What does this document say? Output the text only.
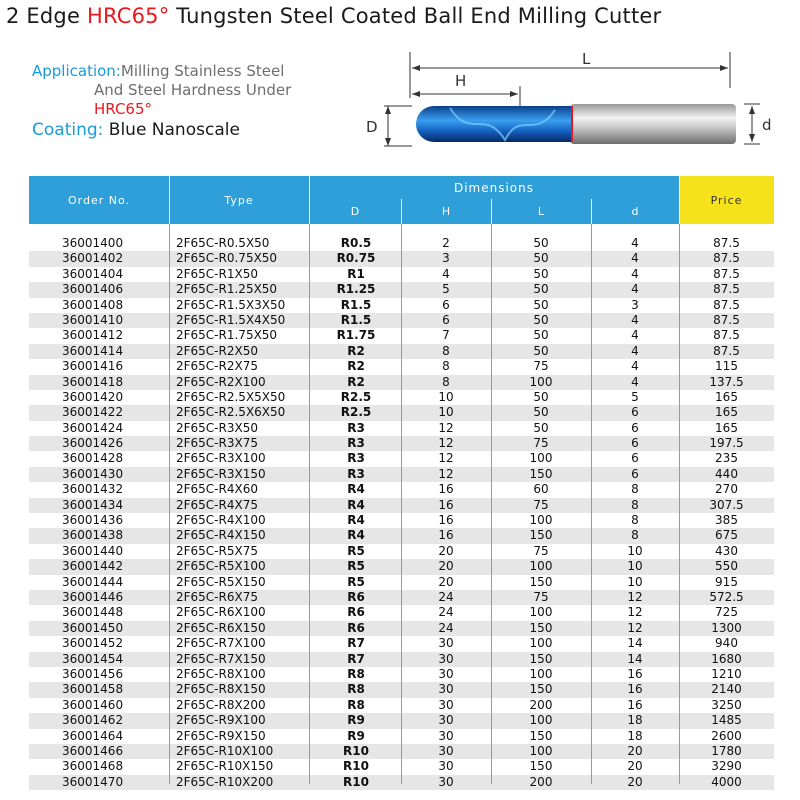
2 Edge HRC65° Tungsten Steel Coated Ball End Milling Cutter
Application:Milling Stainless Steel
And Steel Hardness Under
HRC65°
Coating: Blue Nanoscale
L
H
D	d
Order No.	Type
Dimensions
D	H	L	d
Price
36001400	2F65C-R0.5X50	R0.5	2	50	4	87.5
36001402	2F65C-R0.75X50	R0.75	3	50	4	87.5
36001404	2F65C-R1X50	R1	4	50	4	87.5
36001406	2F65C-R1.25X50	R1.25	5	50	4	87.5
36001408	2F65C-R1.5X3X50	R1.5	6	50	3	87.5
36001410	2F65C-R1.5X4X50	R1.5	6	50	4	87.5
36001412	2F65C-R1.75X50	R1.75	7	50	4	87.5
36001414	2F65C-R2X50	R2	8	50	4	87.5
36001416	2F65C-R2X75	R2	8	75	4	115
36001418	2F65C-R2X100	R2	8	100	4	137.5
36001420	2F65C-R2.5X5X50	R2.5	10	50	5	165
36001422	2F65C-R2.5X6X50	R2.5	10	50	6	165
36001424	2F65C-R3X50	R3	12	50	6	165
36001426	2F65C-R3X75	R3	12	75	6	197.5
36001428	2F65C-R3X100	R3	12	100	6	235
36001430	2F65C-R3X150	R3	12	150	6	440
36001432	2F65C-R4X60	R4	16	60	8	270
36001434	2F65C-R4X75	R4	16	75	8	307.5
36001436	2F65C-R4X100	R4	16	100	8	385
36001438	2F65C-R4X150	R4	16	150	8	675
36001440	2F65C-R5X75	R5	20	75	10	430
36001442	2F65C-R5X100	R5	20	100	10	550
36001444	2F65C-R5X150	R5	20	150	10	915
36001446	2F65C-R6X75	R6	24	75	12	572.5
36001448	2F65C-R6X100	R6	24	100	12	725
36001450	2F65C-R6X150	R6	24	150	12	1300
36001452	2F65C-R7X100	R7	30	100	14	940
36001454	2F65C-R7X150	R7	30	150	14	1680
36001456	2F65C-R8X100	R8	30	100	16	1210
36001458	2F65C-R8X150	R8	30	150	16	2140
36001460	2F65C-R8X200	R8	30	200	16	3250
36001462	2F65C-R9X100	R9	30	100	18	1485
36001464	2F65C-R9X150	R9	30	150	18	2600
36001466	2F65C-R10X100	R10	30	100	20	1780
36001468	2F65C-R10X150	R10	30	150	20	3290
36001470	2F65C-R10X200	R10	30	200	20	4000
